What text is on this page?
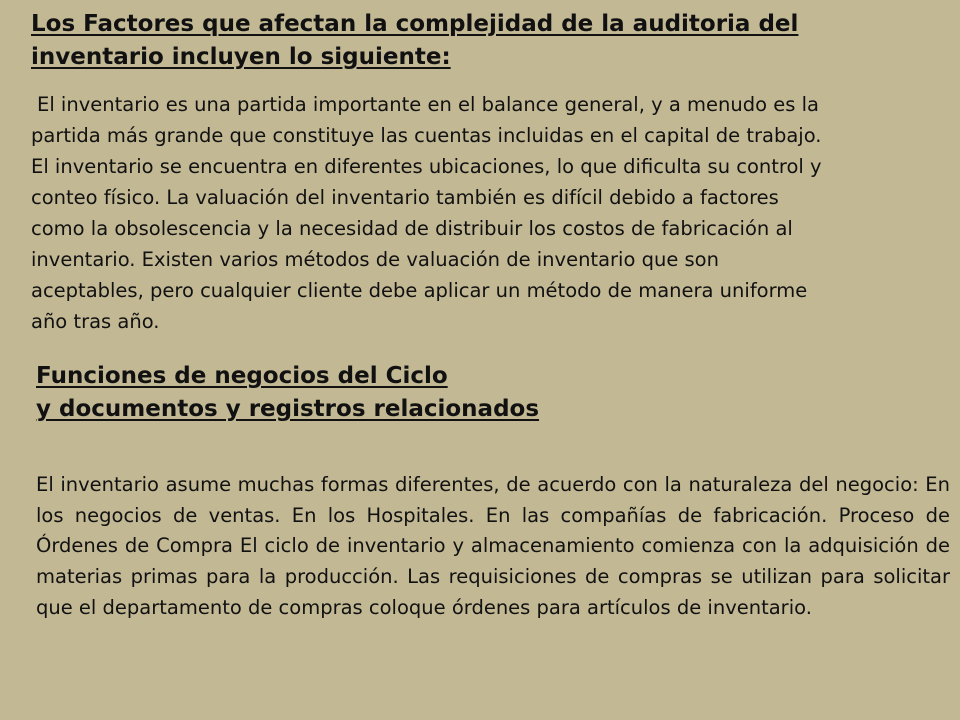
Los Factores que afectan la complejidad de la auditoria del
inventario incluyen lo siguiente:
El inventario es una partida importante en el balance general, y a menudo es la
partida más grande que constituye las cuentas incluidas en el capital de trabajo.
El inventario se encuentra en diferentes ubicaciones, lo que dificulta su control y
conteo físico. La valuación del inventario también es difícil debido a factores
como la obsolescencia y la necesidad de distribuir los costos de fabricación al
inventario. Existen varios métodos de valuación de inventario que son
aceptables, pero cualquier cliente debe aplicar un método de manera uniforme
año tras año.
Funciones de negocios del Ciclo
y documentos y registros relacionados

El inventario asume muchas formas diferentes, de acuerdo con la naturaleza del negocio: En los negocios de ventas. En los Hospitales. En las compañías de fabricación. Proceso de Órdenes de Compra El ciclo de inventario y almacenamiento comienza con la adquisición de materias primas para la producción. Las requisiciones de compras se utilizan para solicitar que el departamento de compras coloque órdenes para artículos de inventario.
